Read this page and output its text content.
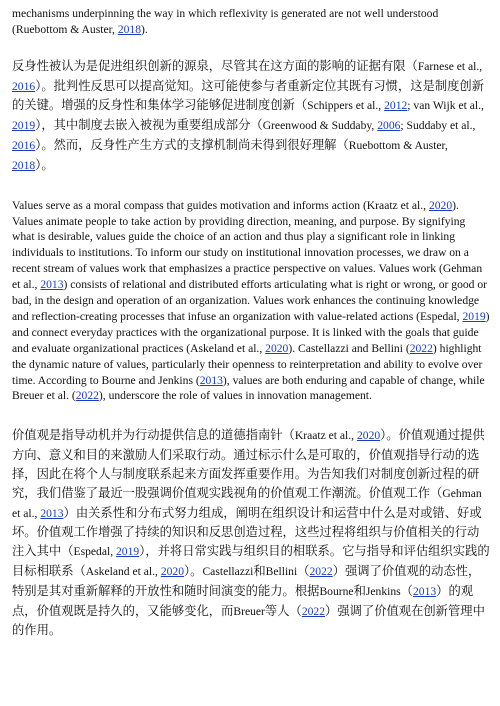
mechanisms underpinning the way in which reflexivity is generated are not well understood (Ruebottom & Auster, 2018).

反身性被认为是促进组织创新的源泉，尽管其在这方面的影响的证据有限（Farnese et al., 2016）。批判性反思可以提高觉知。这可能使参与者重新定位其既有习惯，这是制度创新的关键。增强的反身性和集体学习能够促进制度创新（Schippers et al., 2012; van Wijk et al., 2019），其中制度去嵌入被视为重要组成部分（Greenwood & Suddaby, 2006; Suddaby et al., 2016）。然而，反身性产生方式的支撑机制尚未得到很好理解（Ruebottom & Auster, 2018）。

Values serve as a moral compass that guides motivation and informs action (Kraatz et al., 2020). Values animate people to take action by providing direction, meaning, and purpose. By signifying what is desirable, values guide the choice of an action and thus play a significant role in linking individuals to institutions. To inform our study on institutional innovation processes, we draw on a recent stream of values work that emphasizes a practice perspective on values. Values work (Gehman et al., 2013) consists of relational and distributed efforts articulating what is right or wrong, or good or bad, in the design and operation of an organization. Values work enhances the continuing knowledge and reflection-creating processes that infuse an organization with value-related actions (Espedal, 2019) and connect everyday practices with the organizational purpose. It is linked with the goals that guide and evaluate organizational practices (Askeland et al., 2020). Castellazzi and Bellini (2022) highlight the dynamic nature of values, particularly their openness to reinterpretation and ability to evolve over time. According to Bourne and Jenkins (2013), values are both enduring and capable of change, while Breuer et al. (2022), underscore the role of values in innovation management.

价值观是指导动机并为行动提供信息的道德指南针（Kraatz et al., 2020）。价值观通过提供方向、意义和目的来激励人们采取行动。通过标示什么是可取的，价值观指导行动的选择，因此在将个人与制度联系起来方面发挥重要作用。为告知我们对制度创新过程的研究，我们借鉴了最近一股强调价值观实践视角的价值观工作潮流。价值观工作（Gehman et al., 2013）由关系性和分布式努力组成，阐明在组织设计和运营中什么是对或错、好或坏。价值观工作增强了持续的知识和反思创造过程，这些过程将组织与价值相关的行动注入其中（Espedal, 2019），并将日常实践与组织目的相联系。它与指导和评估组织实践的目标相联系（Askeland et al., 2020）。Castellazzi和Bellini（2022）强调了价值观的动态性，特别是其对重新解释的开放性和随时间演变的能力。根据Bourne和Jenkins（2013）的观点，价值观既是持久的，又能够变化，而Breuer等人（2022）强调了价值观在创新管理中的作用。
